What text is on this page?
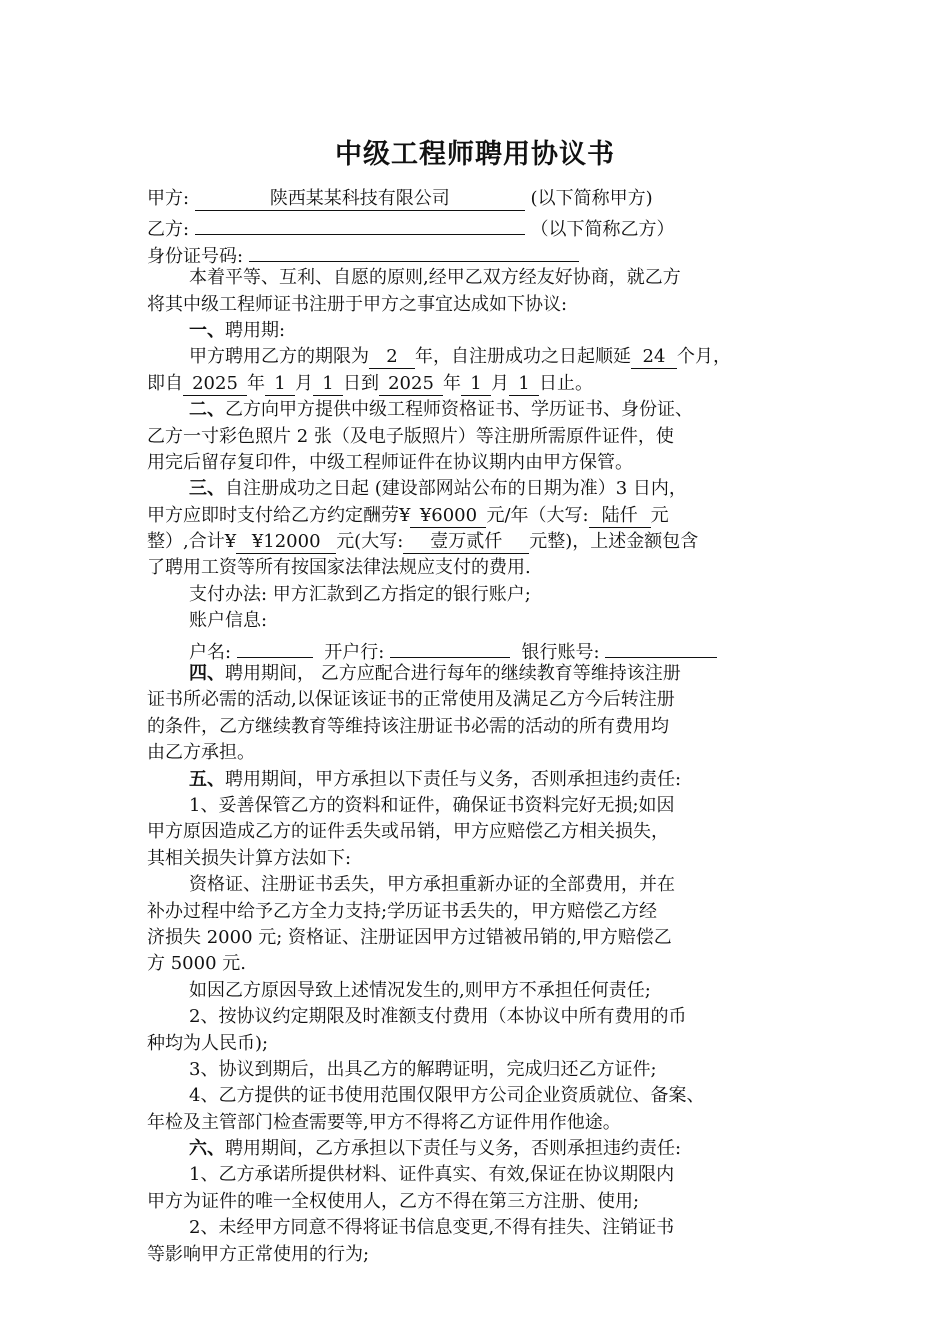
中级工程师聘用协议书
甲方:	陕西某某科技有限公司	(以下简称甲方)
乙方:	（以下简称乙方）
身份证号码:
本着平等、互利、自愿的原则,经甲乙双方经友好协商，就乙方
将其中级工程师证书注册于甲方之事宜达成如下协议:
一、聘用期:
甲方聘用乙方的期限为 2 年，自注册成功之日起顺延 24 个月，
即自 2025 年 1 月 1 日到 2025 年 1 月 1 日止。
二、乙方向甲方提供中级工程师资格证书、学历证书、身份证、
乙方一寸彩色照片 2 张（及电子版照片）等注册所需原件证件，使
用完后留存复印件，中级工程师证件在协议期内由甲方保管。
三、自注册成功之日起 (建设部网站公布的日期为准）3 日内，
甲方应即时支付给乙方约定酬劳¥ ¥6000 元/年（大写: 陆仟 元
整）,合计¥ ¥12000 元(大写: 壹万贰仟 元整)，上述金额包含
了聘用工资等所有按国家法律法规应支付的费用.
支付办法: 甲方汇款到乙方指定的银行账户;
账户信息:
户名:	开户行:	银行账号:
四、聘用期间， 乙方应配合进行每年的继续教育等维持该注册
证书所必需的活动,以保证该证书的正常使用及满足乙方今后转注册
的条件，乙方继续教育等维持该注册证书必需的活动的所有费用均
由乙方承担。
五、聘用期间，甲方承担以下责任与义务，否则承担违约责任:
1、妥善保管乙方的资料和证件，确保证书资料完好无损;如因
甲方原因造成乙方的证件丢失或吊销，甲方应赔偿乙方相关损失，
其相关损失计算方法如下:
资格证、注册证书丢失，甲方承担重新办证的全部费用，并在
补办过程中给予乙方全力支持;学历证书丢失的，甲方赔偿乙方经
济损失 2000 元; 资格证、注册证因甲方过错被吊销的,甲方赔偿乙
方 5000 元.
如因乙方原因导致上述情况发生的,则甲方不承担任何责任;
2、按协议约定期限及时准额支付费用（本协议中所有费用的币
种均为人民币);
3、协议到期后，出具乙方的解聘证明，完成归还乙方证件;
4、乙方提供的证书使用范围仅限甲方公司企业资质就位、备案、
年检及主管部门检查需要等,甲方不得将乙方证件用作他途。
六、聘用期间，乙方承担以下责任与义务，否则承担违约责任:
1、乙方承诺所提供材料、证件真实、有效,保证在协议期限内
甲方为证件的唯一全权使用人，乙方不得在第三方注册、使用;
2、未经甲方同意不得将证书信息变更,不得有挂失、注销证书
等影响甲方正常使用的行为;
